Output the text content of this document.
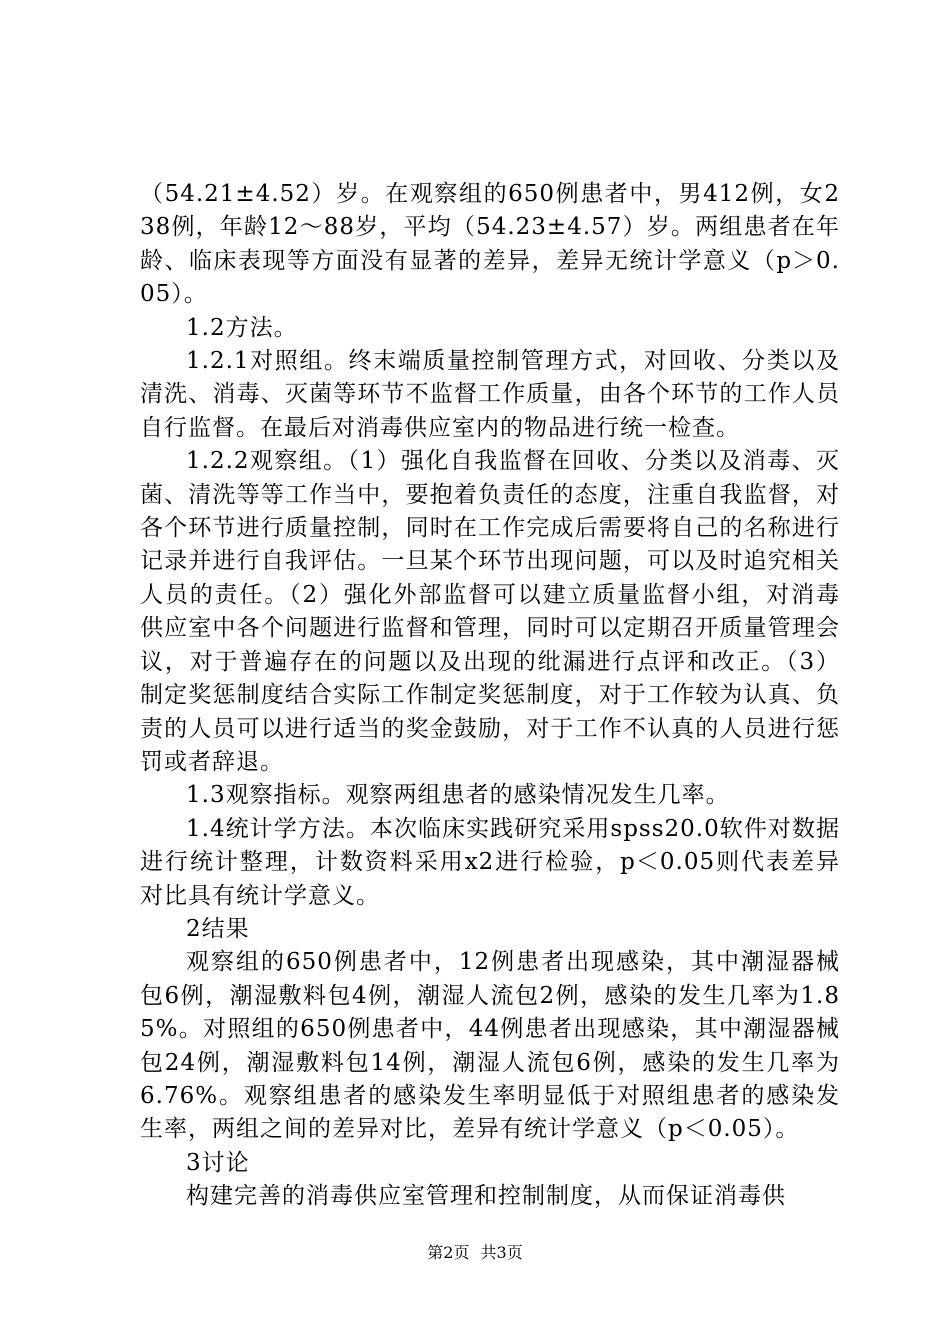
（54.21±4.52）岁。在观察组的650例患者中，男412例，女238例，年龄12～88岁，平均（54.23±4.57）岁。两组患者在年龄、临床表现等方面没有显著的差异，差异无统计学意义（p＞0.05）。

1.2方法。

1.2.1对照组。终末端质量控制管理方式，对回收、分类以及清洗、消毒、灭菌等环节不监督工作质量，由各个环节的工作人员自行监督。在最后对消毒供应室内的物品进行统一检查。

1.2.2观察组。（1）强化自我监督在回收、分类以及消毒、灭菌、清洗等等工作当中，要抱着负责任的态度，注重自我监督，对各个环节进行质量控制，同时在工作完成后需要将自己的名称进行记录并进行自我评估。一旦某个环节出现问题，可以及时追究相关人员的责任。（2）强化外部监督可以建立质量监督小组，对消毒供应室中各个问题进行监督和管理，同时可以定期召开质量管理会议，对于普遍存在的问题以及出现的纰漏进行点评和改正。（3）制定奖惩制度结合实际工作制定奖惩制度，对于工作较为认真、负责的人员可以进行适当的奖金鼓励，对于工作不认真的人员进行惩罚或者辞退。

1.3观察指标。观察两组患者的感染情况发生几率。

1.4统计学方法。本次临床实践研究采用spss20.0软件对数据进行统计整理，计数资料采用x2进行检验，p＜0.05则代表差异对比具有统计学意义。

2结果

观察组的650例患者中，12例患者出现感染，其中潮湿器械包6例，潮湿敷料包4例，潮湿人流包2例，感染的发生几率为1.85%。对照组的650例患者中，44例患者出现感染，其中潮湿器械包24例，潮湿敷料包14例，潮湿人流包6例，感染的发生几率为6.76%。观察组患者的感染发生率明显低于对照组患者的感染发生率，两组之间的差异对比，差异有统计学意义（p＜0.05）。

3讨论

构建完善的消毒供应室管理和控制制度，从而保证消毒供

第2页 共3页
